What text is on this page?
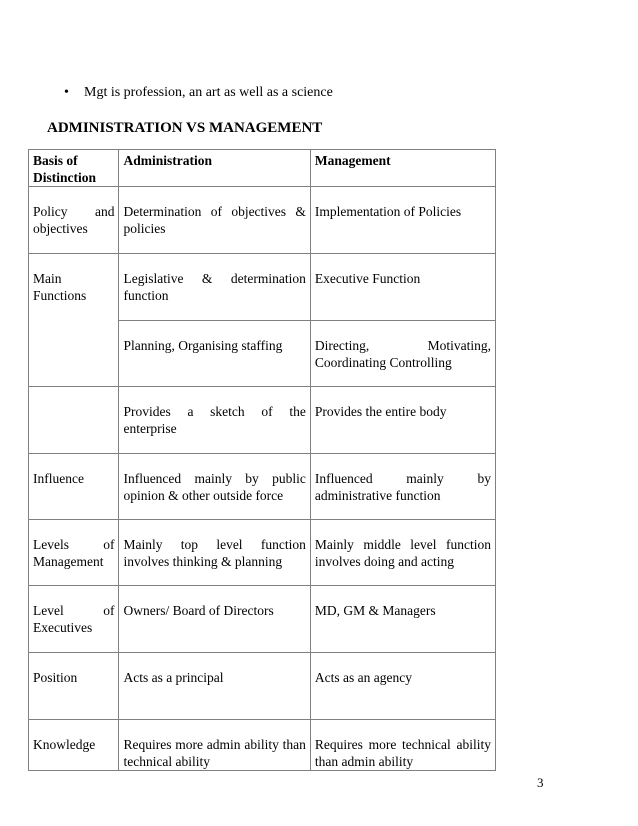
• Mgt is profession, an art as well as a science
ADMINISTRATION VS MANAGEMENT
Basis of Distinction	Administration	Management
Policy and objectives	Determination of objectives & policies	Implementation of Policies
Main Functions	Legislative & determination function	Executive Function
	Planning, Organising staffing	Directing, Motivating, Coordinating Controlling
	Provides a sketch of the enterprise	Provides the entire body
Influence	Influenced mainly by public opinion & other outside force	Influenced mainly by administrative function
Levels of Management	Mainly top level function involves thinking & planning	Mainly middle level function involves doing and acting
Level of Executives	Owners/ Board of Directors	MD, GM & Managers
Position	Acts as a principal	Acts as an agency
Knowledge	Requires more admin ability than technical ability	Requires more technical ability than admin ability
3
